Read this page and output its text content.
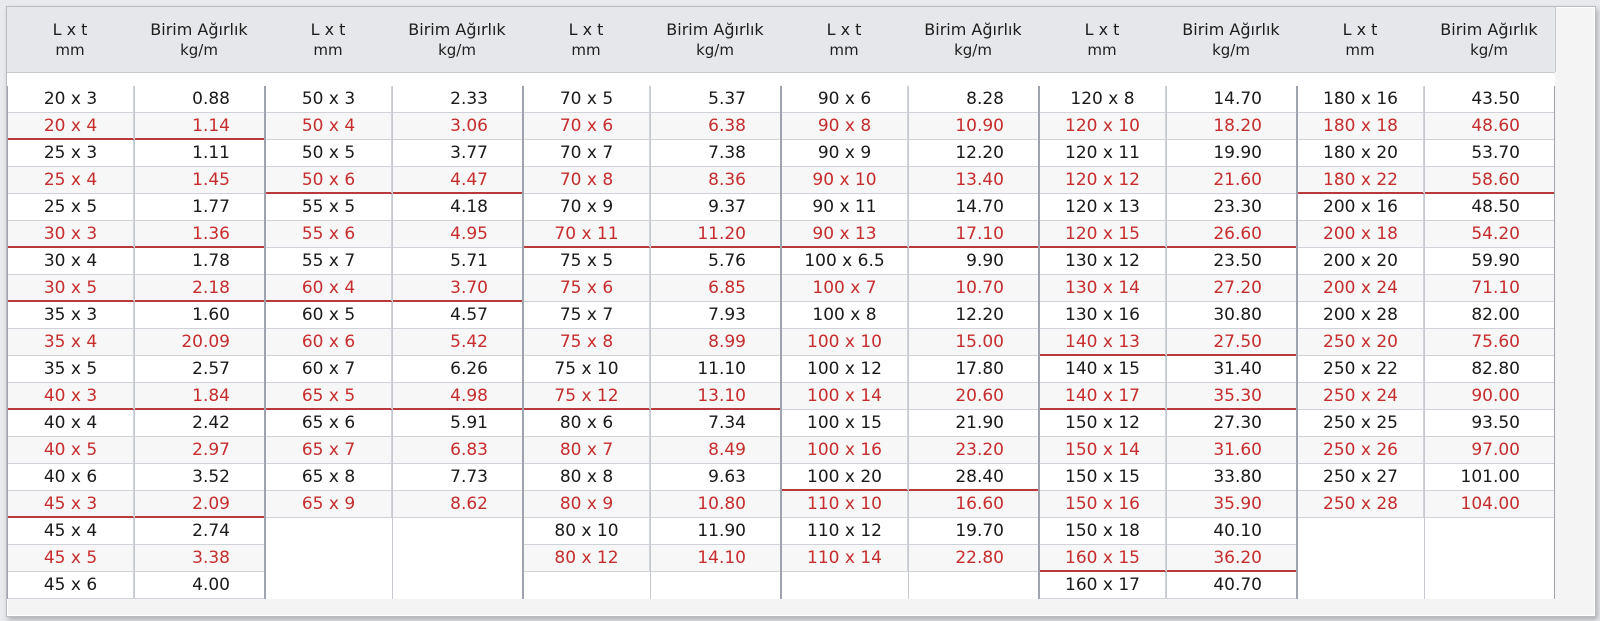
L x t
mm
Birim Ağırlık
kg/m
20 x 3	0.88
20 x 4	1.14
25 x 3	1.11
25 x 4	1.45
25 x 5	1.77
30 x 3	1.36
30 x 4	1.78
30 x 5	2.18
35 x 3	1.60
35 x 4	20.09
35 x 5	2.57
40 x 3	1.84
40 x 4	2.42
40 x 5	2.97
40 x 6	3.52
45 x 3	2.09
45 x 4	2.74
45 x 5	3.38
45 x 6	4.00
L x t
mm
Birim Ağırlık
kg/m
50 x 3	2.33
50 x 4	3.06
50 x 5	3.77
50 x 6	4.47
55 x 5	4.18
55 x 6	4.95
55 x 7	5.71
60 x 4	3.70
60 x 5	4.57
60 x 6	5.42
60 x 7	6.26
65 x 5	4.98
65 x 6	5.91
65 x 7	6.83
65 x 8	7.73
65 x 9	8.62
L x t
mm
Birim Ağırlık
kg/m
70 x 5	5.37
70 x 6	6.38
70 x 7	7.38
70 x 8	8.36
70 x 9	9.37
70 x 11	11.20
75 x 5	5.76
75 x 6	6.85
75 x 7	7.93
75 x 8	8.99
75 x 10	11.10
75 x 12	13.10
80 x 6	7.34
80 x 7	8.49
80 x 8	9.63
80 x 9	10.80
80 x 10	11.90
80 x 12	14.10
L x t
mm
Birim Ağırlık
kg/m
90 x 6	8.28
90 x 8	10.90
90 x 9	12.20
90 x 10	13.40
90 x 11	14.70
90 x 13	17.10
100 x 6.5	9.90
100 x 7	10.70
100 x 8	12.20
100 x 10	15.00
100 x 12	17.80
100 x 14	20.60
100 x 15	21.90
100 x 16	23.20
100 x 20	28.40
110 x 10	16.60
110 x 12	19.70
110 x 14	22.80
L x t
mm
Birim Ağırlık
kg/m
120 x 8	14.70
120 x 10	18.20
120 x 11	19.90
120 x 12	21.60
120 x 13	23.30
120 x 15	26.60
130 x 12	23.50
130 x 14	27.20
130 x 16	30.80
140 x 13	27.50
140 x 15	31.40
140 x 17	35.30
150 x 12	27.30
150 x 14	31.60
150 x 15	33.80
150 x 16	35.90
150 x 18	40.10
160 x 15	36.20
160 x 17	40.70
L x t
mm
Birim Ağırlık
kg/m
180 x 16	43.50
180 x 18	48.60
180 x 20	53.70
180 x 22	58.60
200 x 16	48.50
200 x 18	54.20
200 x 20	59.90
200 x 24	71.10
200 x 28	82.00
250 x 20	75.60
250 x 22	82.80
250 x 24	90.00
250 x 25	93.50
250 x 26	97.00
250 x 27	101.00
250 x 28	104.00
